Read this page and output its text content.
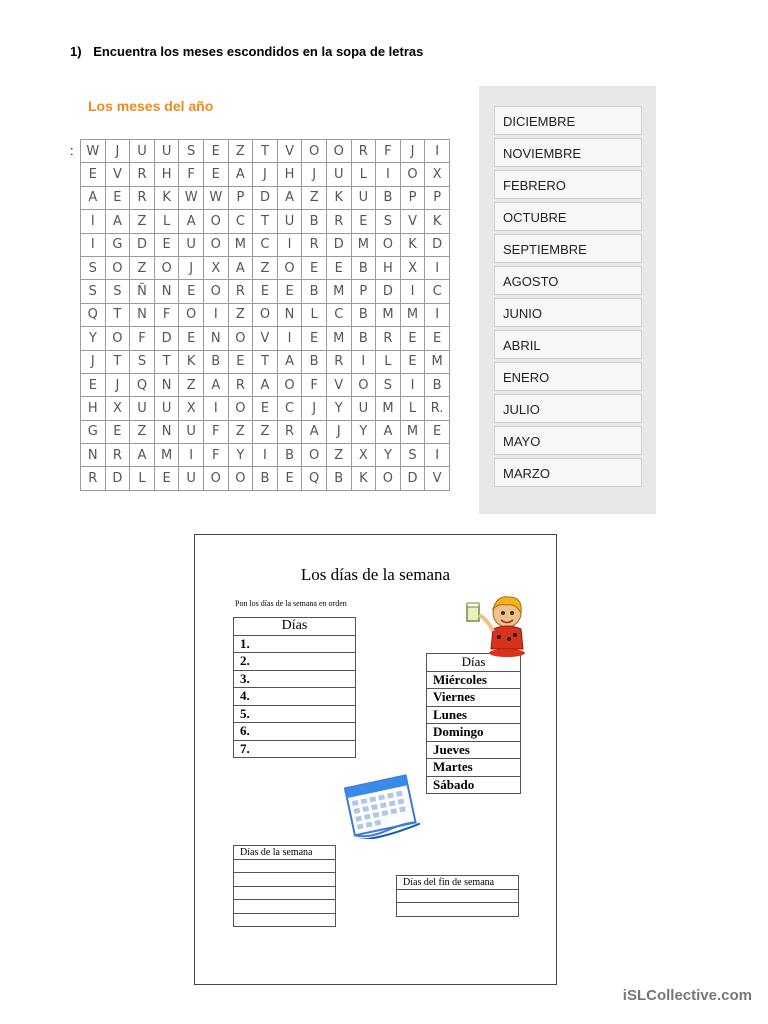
1) Encuentra los meses escondidos en la sopa de letras
Los meses del año
: W	J	U	U	S	E	Z	T	V	O	O	R	F	J	I
E	V	R	H	F	E	A	J	H	J	U	L	I	O	X
A	E	R	K	W	W	P	D	A	Z	K	U	B	P	P
I	A	Z	L	A	O	C	T	U	B	R	E	S	V	K
I	G	D	E	U	O	M	C	I	R	D	M	O	K	D
S	O	Z	O	J	X	A	Z	O	E	E	B	H	X	I
S	S	Ñ	N	E	O	R	E	E	B	M	P	D	I	C
Q	T	N	F	O	I	Z	O	N	L	C	B	M	M	I
Y	O	F	D	E	N	O	V	I	E	M	B	R	E	E
J	T	S	T	K	B	E	T	A	B	R	I	L	E	M
E	J	Q	N	Z	A	R	A	O	F	V	O	S	I	B
H	X	U	U	X	I	O	E	C	J	Y	U	M	L	R.
G	E	Z	N	U	F	Z	Z	R	A	J	Y	A	M	E
N	R	A	M	I	F	Y	I	B	O	Z	X	Y	S	I
R	D	L	E	U	O	O	B	E	Q	B	K	O	D	V
DICIEMBRE
NOVIEMBRE
FEBRERO
OCTUBRE
SEPTIEMBRE
AGOSTO
JUNIO
ABRIL
ENERO
JULIO
MAYO
MARZO
Los días de la semana
Pon los días de la semana en orden
Días
1.
2.
3.
4.
5.
6.
7.
Días
Miércoles
Viernes
Lunes
Domingo
Jueves
Martes
Sábado
Días de la semana

Días del fin de semana

iSLCollective.com
